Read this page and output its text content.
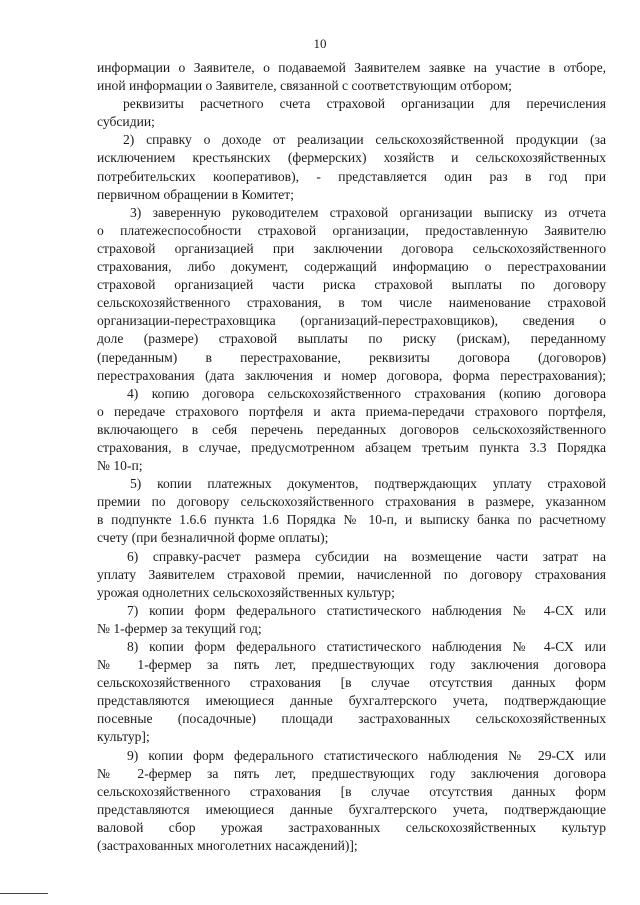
10
информации о Заявителе, о подаваемой Заявителем заявке на участие в отборе,
иной информации о Заявителе, связанной с соответствующим отбором;
реквизиты расчетного счета страховой организации для перечисления
субсидии;
2) справку о доходе от реализации сельскохозяйственной продукции (за
исключением крестьянских (фермерских) хозяйств и сельскохозяйственных
потребительских кооперативов), - представляется один раз в год при
первичном обращении в Комитет;
3) заверенную руководителем страховой организации выписку из отчета
о платежеспособности страховой организации, предоставленную Заявителю
страховой организацией при заключении договора сельскохозяйственного
страхования, либо документ, содержащий информацию о перестраховании
страховой организацией части риска страховой выплаты по договору
сельскохозяйственного страхования, в том числе наименование страховой
организации-перестраховщика (организаций-перестраховщиков), сведения о
доле (размере) страховой выплаты по риску (рискам), переданному
(переданным) в перестрахование, реквизиты договора (договоров)
перестрахования (дата заключения и номер договора, форма перестрахования);
4) копию договора сельскохозяйственного страхования (копию договора
о передаче страхового портфеля и акта приема-передачи страхового портфеля,
включающего в себя перечень переданных договоров сельскохозяйственного
страхования, в случае, предусмотренном абзацем третьим пункта 3.3 Порядка
№ 10-п;
5) копии платежных документов, подтверждающих уплату страховой
премии по договору сельскохозяйственного страхования в размере, указанном
в подпункте 1.6.6 пункта 1.6 Порядка № 10-п, и выписку банка по расчетному
счету (при безналичной форме оплаты);
6) справку-расчет размера субсидии на возмещение части затрат на
уплату Заявителем страховой премии, начисленной по договору страхования
урожая однолетних сельскохозяйственных культур;
7) копии форм федерального статистического наблюдения № 4-СХ или
№ 1-фермер за текущий год;
8) копии форм федерального статистического наблюдения № 4-СХ или
№ 1-фермер за пять лет, предшествующих году заключения договора
сельскохозяйственного страхования [в случае отсутствия данных форм
представляются имеющиеся данные бухгалтерского учета, подтверждающие
посевные (посадочные) площади застрахованных сельскохозяйственных
культур];
9) копии форм федерального статистического наблюдения № 29-СХ или
№ 2-фермер за пять лет, предшествующих году заключения договора
сельскохозяйственного страхования [в случае отсутствия данных форм
представляются имеющиеся данные бухгалтерского учета, подтверждающие
валовой сбор урожая застрахованных сельскохозяйственных культур
(застрахованных многолетних насаждений)];
